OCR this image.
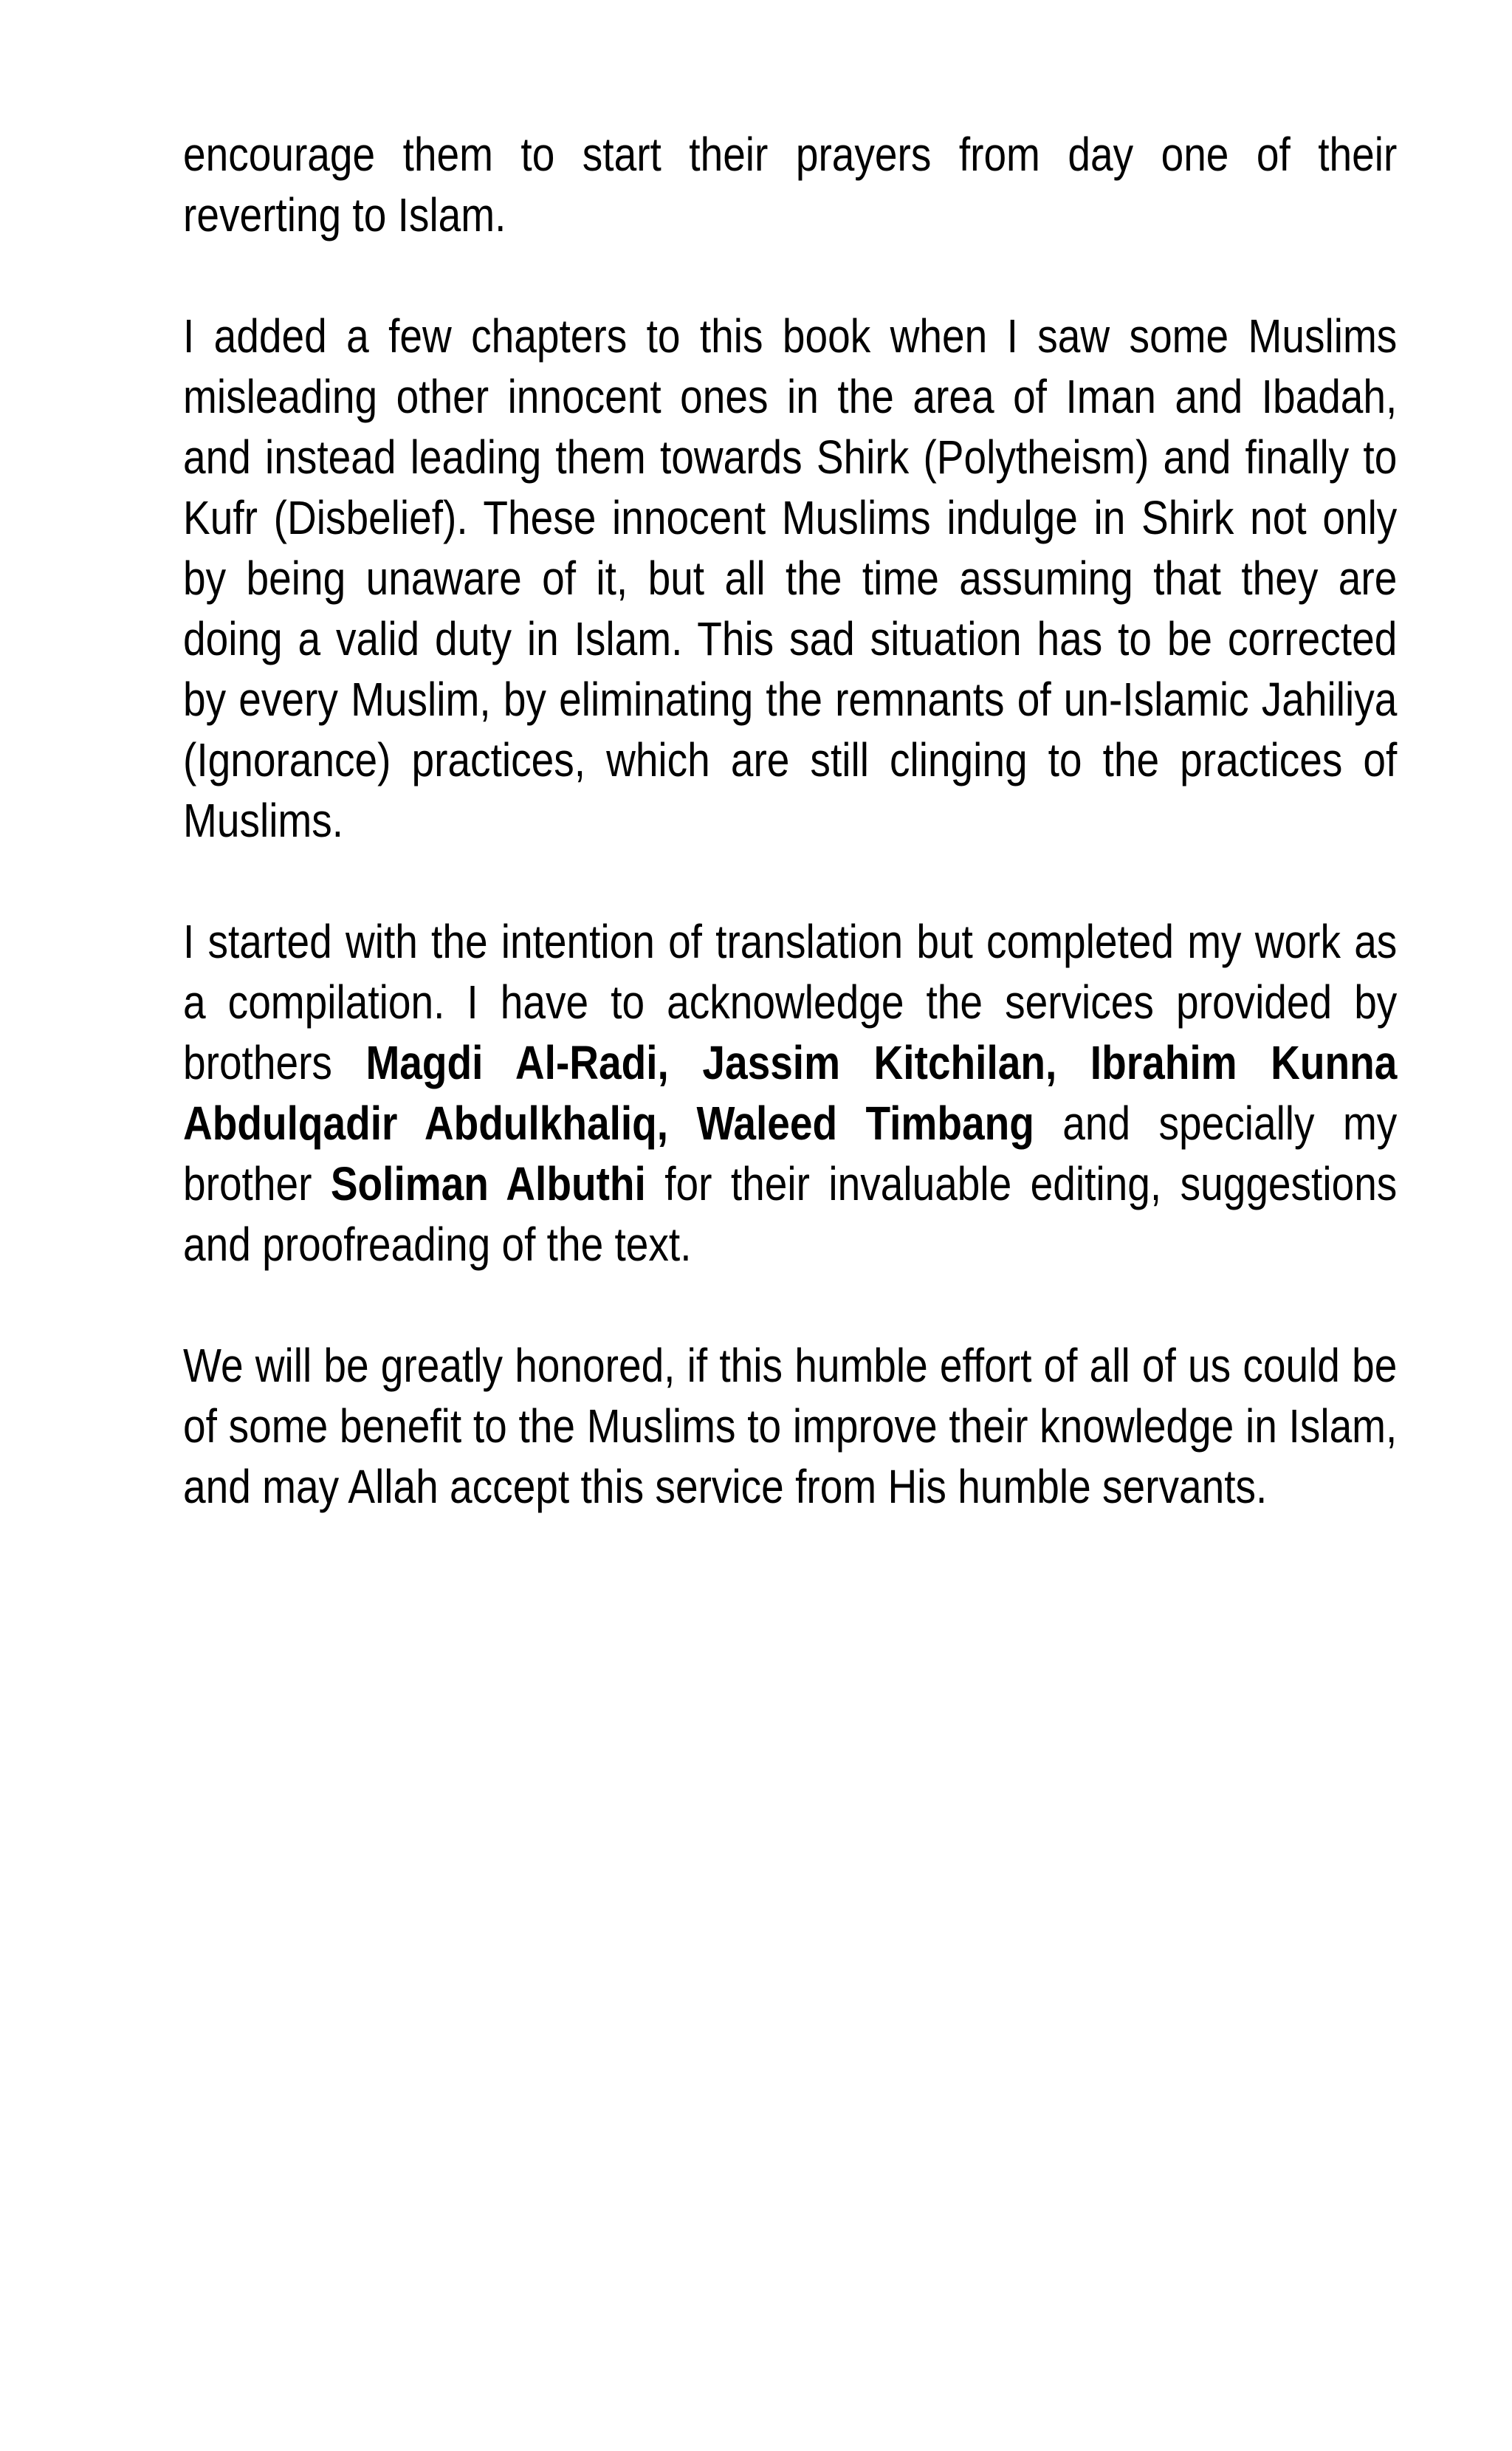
encourage them to start their prayers from day one of their reverting to Islam.

I added a few chapters to this book when I saw some Muslims misleading other innocent ones in the area of Iman and Ibadah, and instead leading them towards Shirk (Polytheism) and finally to Kufr (Disbelief). These innocent Muslims indulge in Shirk not only by being unaware of it, but all the time assuming that they are doing a valid duty in Islam. This sad situation has to be corrected by every Muslim, by eliminating the remnants of un-Islamic Jahiliya (Ignorance) practices, which are still clinging to the practices of Muslims.

I started with the intention of translation but completed my work as a compilation. I have to acknowledge the services provided by brothers Magdi Al-Radi, Jassim Kitchilan, Ibrahim Kunna Abdulqadir Abdulkhaliq, Waleed Timbang and specially my brother Soliman Albuthi for their invaluable editing, suggestions and proofreading of the text.

We will be greatly honored, if this humble effort of all of us could be of some benefit to the Muslims to improve their knowledge in Islam, and may Allah accept this service from His humble servants.
